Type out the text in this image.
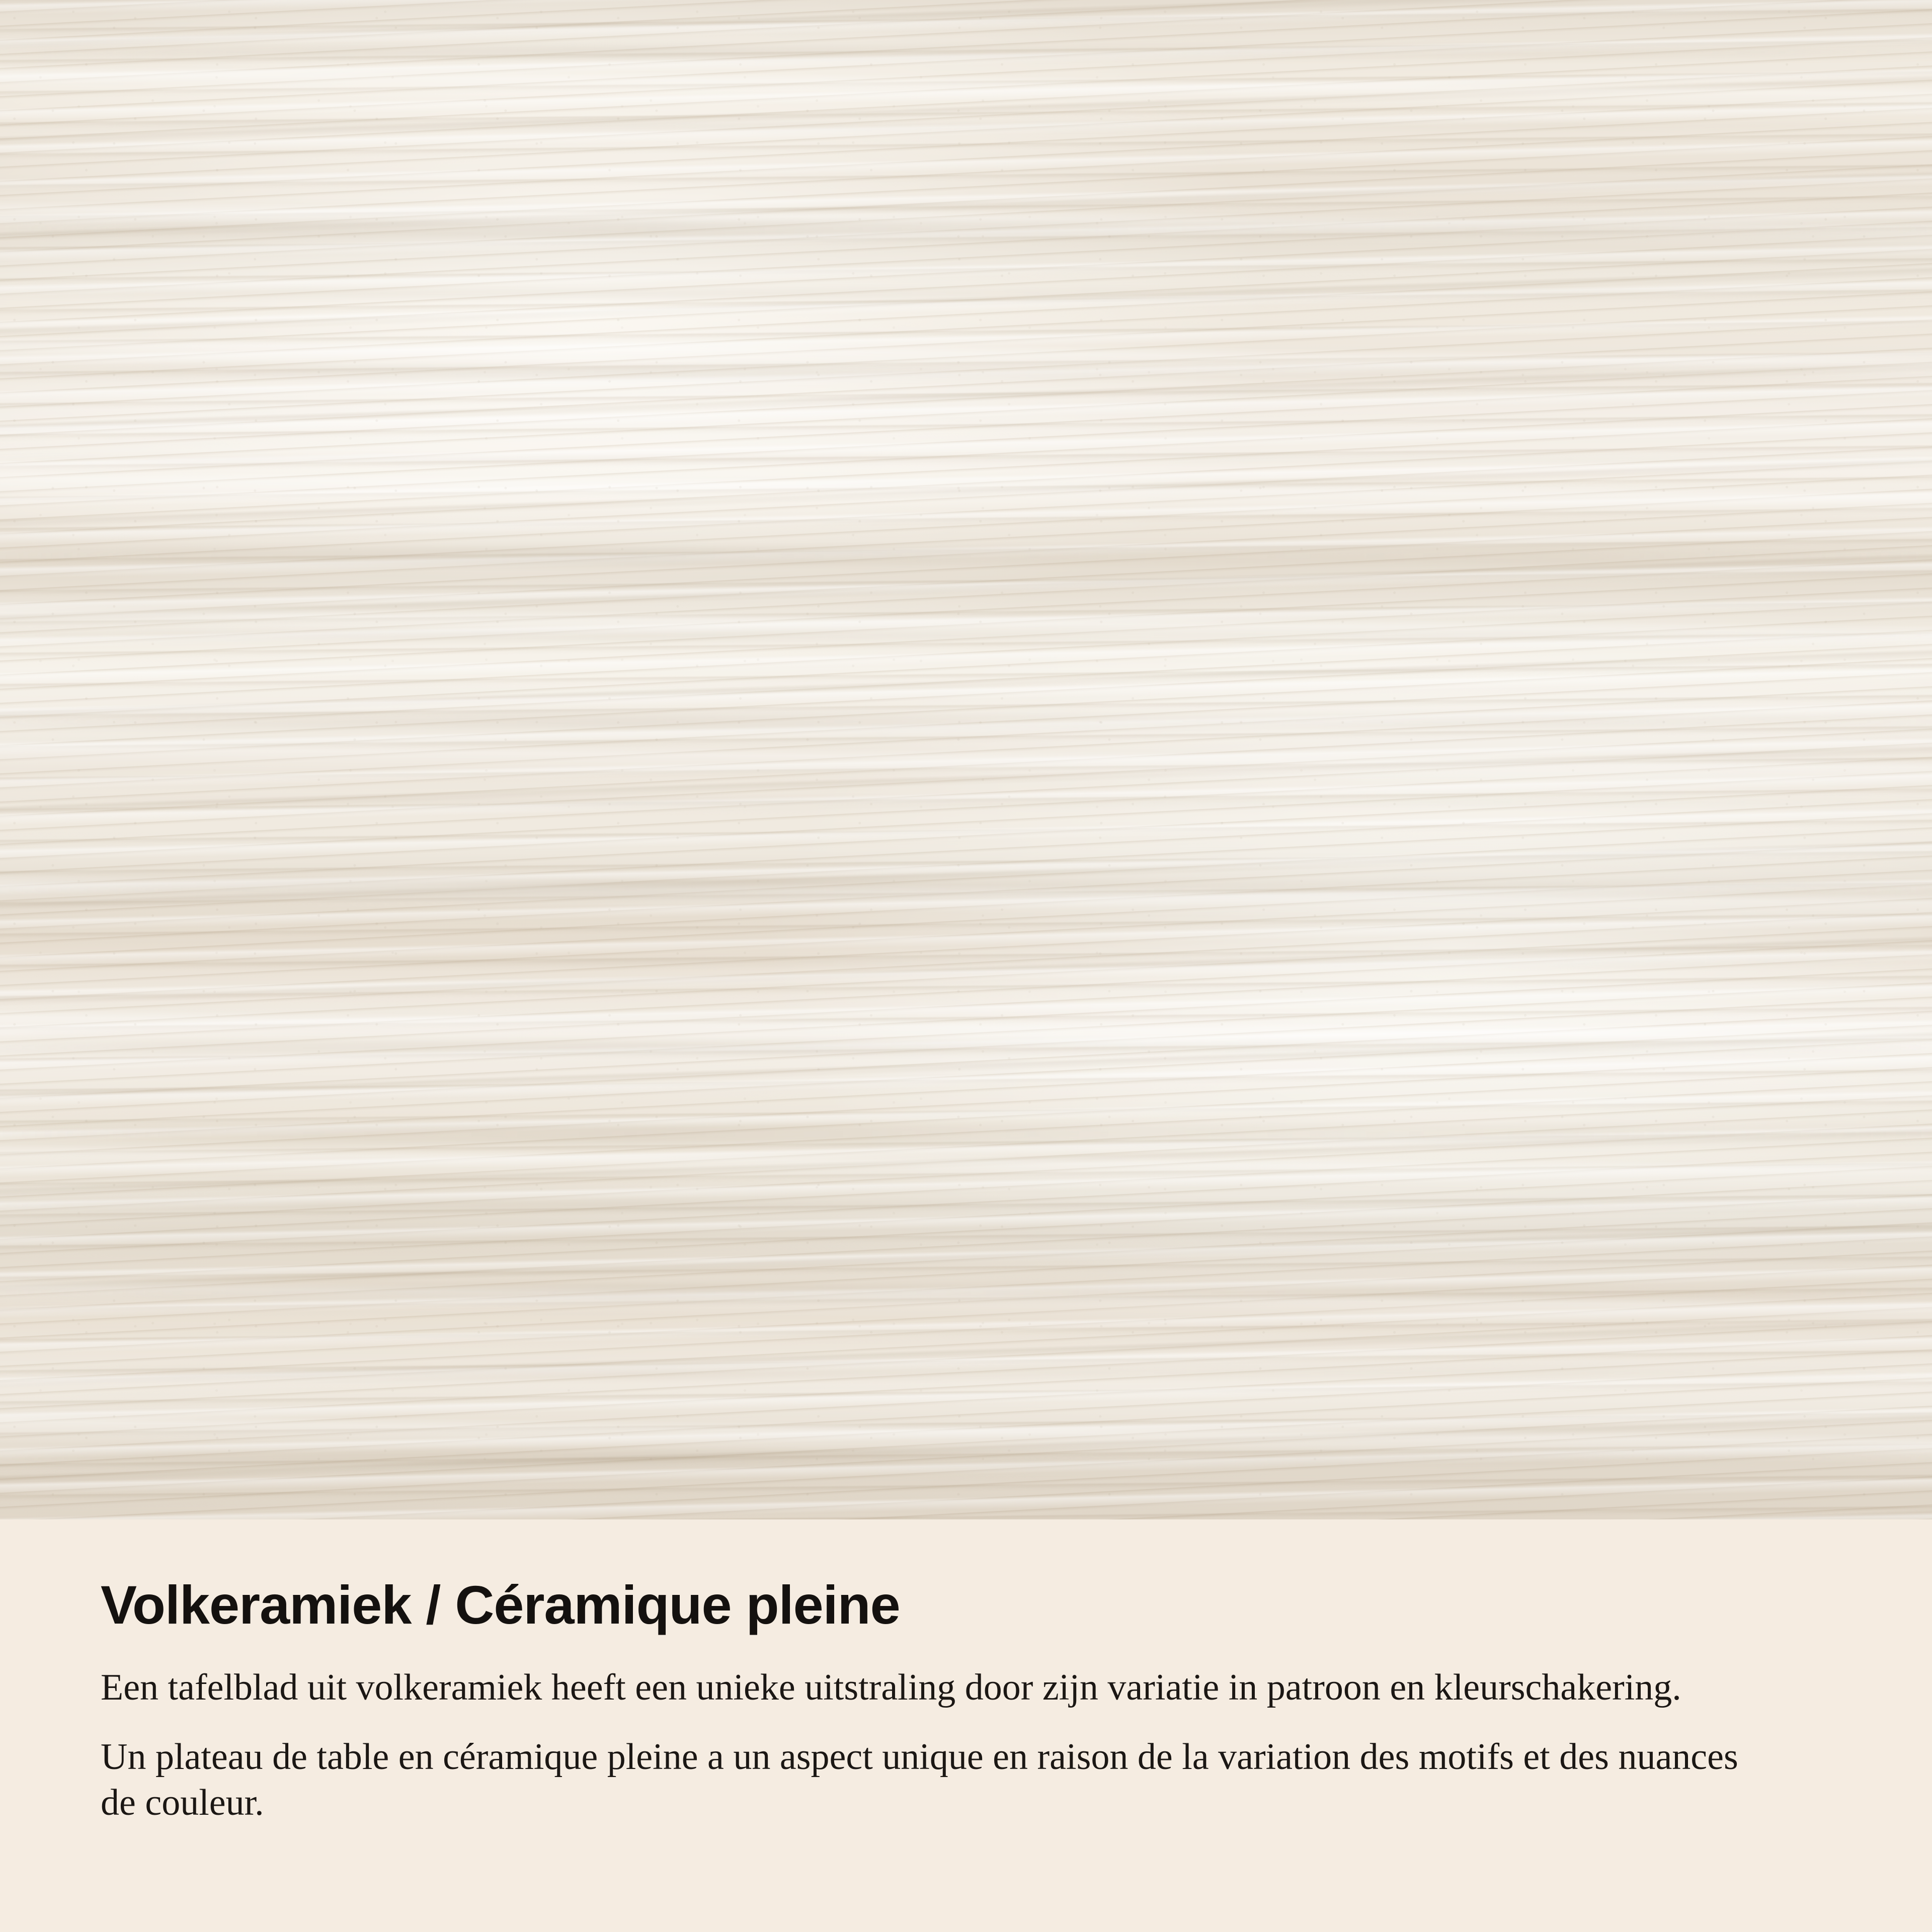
Volkeramiek / Céramique pleine

Een tafelblad uit volkeramiek heeft een unieke uitstraling door zijn variatie in patroon en kleurschakering.

Un plateau de table en céramique pleine a un aspect unique en raison de la variation des motifs et des nuances de couleur.
